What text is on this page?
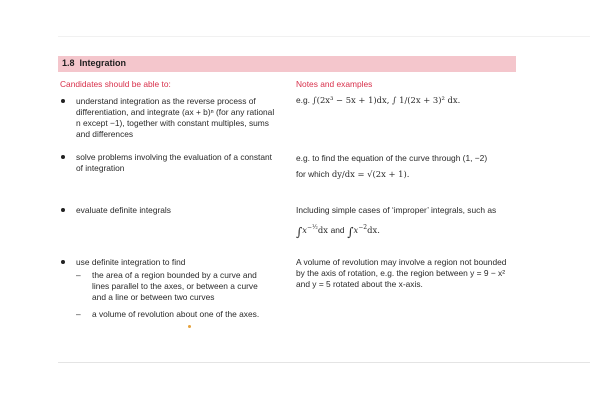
1.8 Integration
Candidates should be able to:	Notes and examples
understand integration as the reverse process of differentiation, and integrate (ax + b)ⁿ (for any rational n except −1), together with constant multiples, sums and differences
solve problems involving the evaluation of a constant of integration
evaluate definite integrals
use definite integration to find
– the area of a region bounded by a curve and lines parallel to the axes, or between a curve and a line or between two curves
– a volume of revolution about one of the axes.
e.g. ∫(2x³ − 5x + 1)dx, ∫ 1/(2x + 3)² dx.
e.g. to find the equation of the curve through (1, −2)
for which dy/dx = √(2x + 1).
Including simple cases of ‘improper’ integrals, such as
$\int x^{-\frac{1}{2}}dx$ and $\int x^{-2}dx$.
A volume of revolution may involve a region not bounded by the axis of rotation, e.g. the region between y = 9 − x² and y = 5 rotated about the x-axis.
